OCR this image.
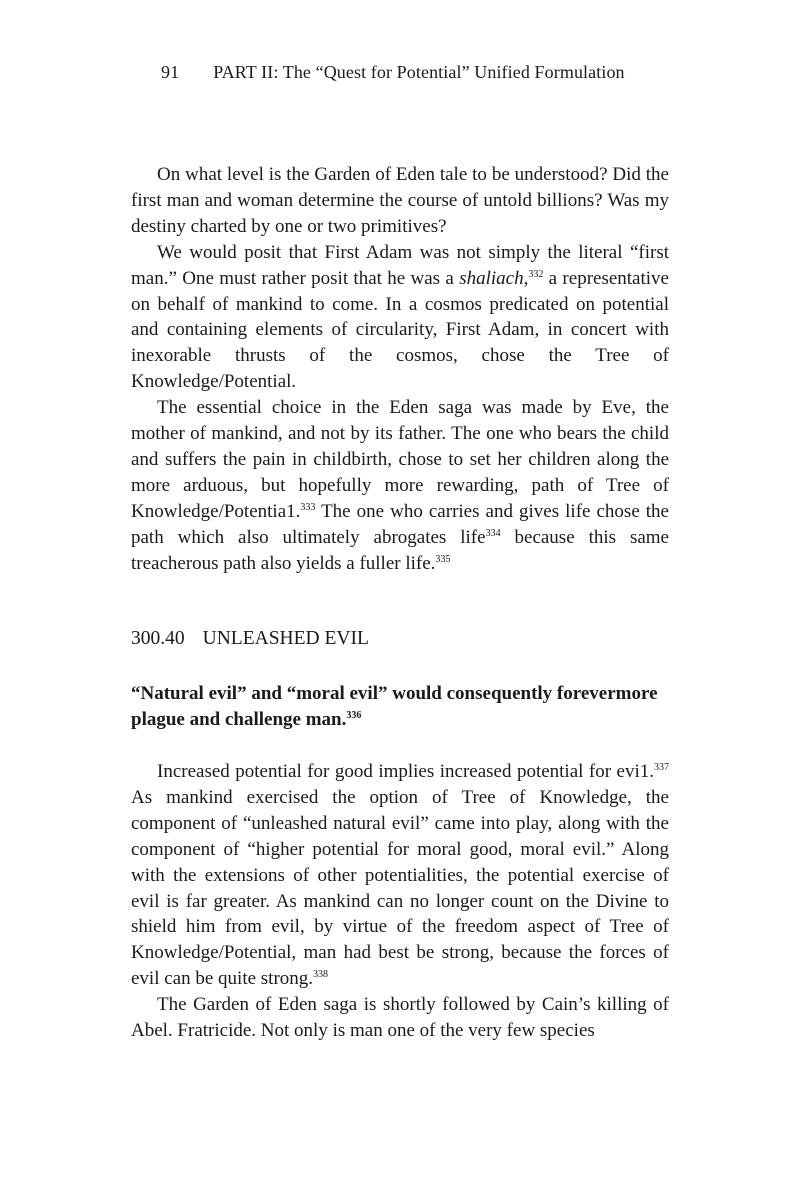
91 PART II: The “Quest for Potential” Unified Formulation

On what level is the Garden of Eden tale to be understood? Did the first man and woman determine the course of untold billions? Was my destiny charted by one or two primitives?

We would posit that First Adam was not simply the literal “first man.” One must rather posit that he was a shaliach,$^{332}$ a representative on behalf of mankind to come. In a cosmos predicated on potential and containing elements of circularity, First Adam, in concert with inexorable thrusts of the cosmos, chose the Tree of Knowledge/Potential.

The essential choice in the Eden saga was made by Eve, the mother of mankind, and not by its father. The one who bears the child and suffers the pain in childbirth, chose to set her children along the more arduous, but hopefully more rewarding, path of Tree of Knowledge/Potentia1.$^{333}$ The one who carries and gives life chose the path which also ultimately abrogates life$^{334}$ because this same treacherous path also yields a fuller life.$^{335}$

300.40 UNLEASHED EVIL
“Natural evil” and “moral evil” would consequently forevermore plague and challenge man.$^{336}$

Increased potential for good implies increased potential for evi1.$^{337}$ As mankind exercised the option of Tree of Knowledge, the component of “unleashed natural evil” came into play, along with the component of “higher potential for moral good, moral evil.” Along with the extensions of other potentialities, the potential exercise of evil is far greater. As mankind can no longer count on the Divine to shield him from evil, by virtue of the freedom aspect of Tree of Knowledge/Potential, man had best be strong, because the forces of evil can be quite strong.$^{338}$

The Garden of Eden saga is shortly followed by Cain’s killing of Abel. Fratricide. Not only is man one of the very few species
